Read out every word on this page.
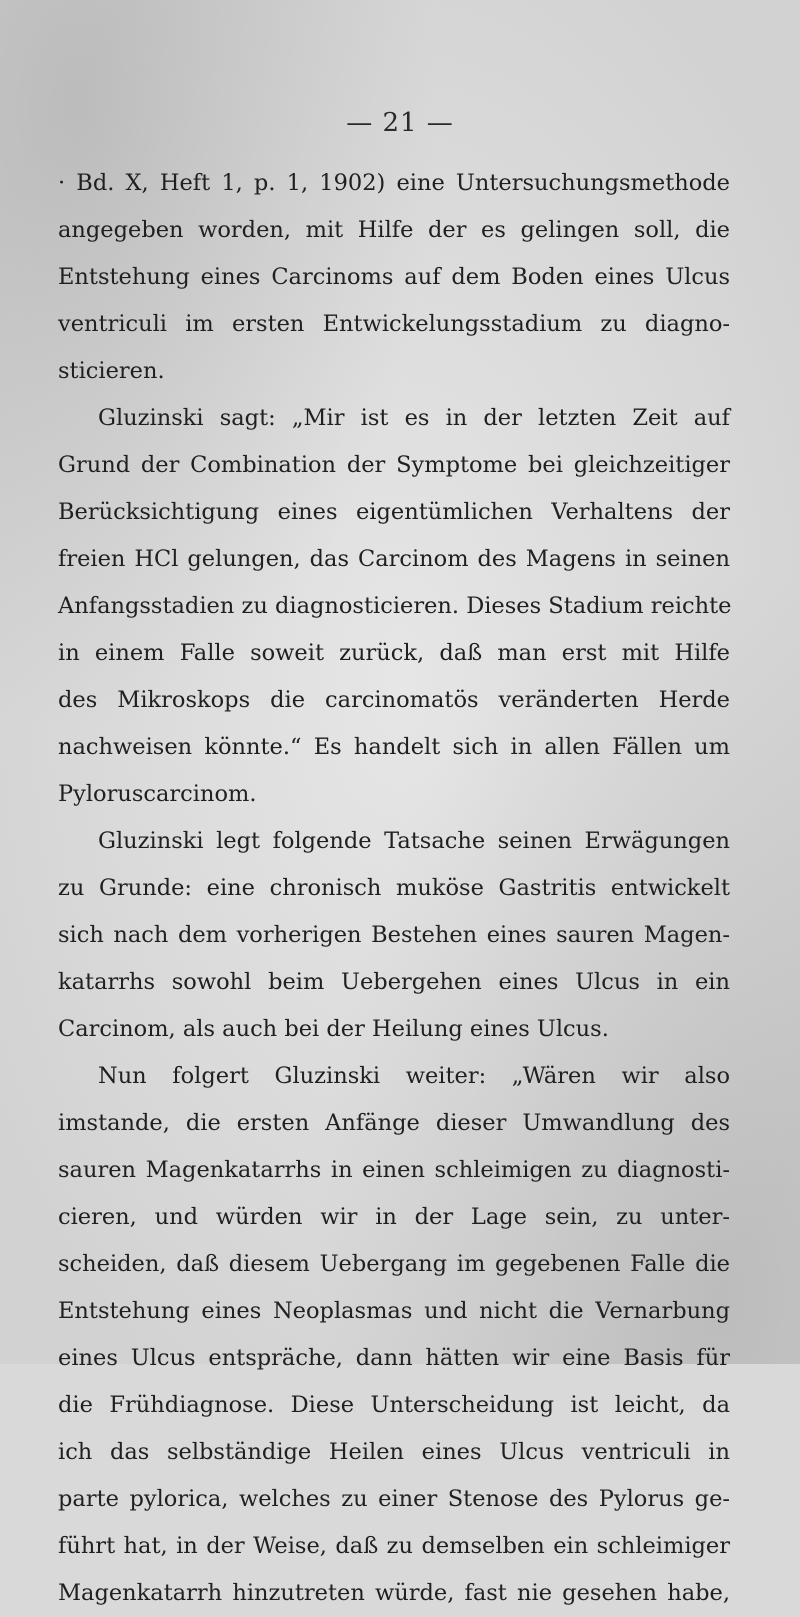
— 21 —
· Bd. X, Heft 1, p. 1, 1902) eine Untersuchungsmethode
angegeben worden, mit Hilfe der es gelingen soll, die
Entstehung eines Carcinoms auf dem Boden eines Ulcus
ventriculi im ersten Entwickelungsstadium zu diagno-
sticieren.
Gluzinski sagt: „Mir ist es in der letzten Zeit auf
Grund der Combination der Symptome bei gleichzeitiger
Berücksichtigung eines eigentümlichen Verhaltens der
freien HCl gelungen, das Carcinom des Magens in seinen
Anfangsstadien zu diagnosticieren. Dieses Stadium reichte
in einem Falle soweit zurück, daß man erst mit Hilfe
des Mikroskops die carcinomatös veränderten Herde
nachweisen könnte.“ Es handelt sich in allen Fällen um
Pyloruscarcinom.
Gluzinski legt folgende Tatsache seinen Erwägungen
zu Grunde: eine chronisch muköse Gastritis entwickelt
sich nach dem vorherigen Bestehen eines sauren Magen-
katarrhs sowohl beim Uebergehen eines Ulcus in ein
Carcinom, als auch bei der Heilung eines Ulcus.
Nun folgert Gluzinski weiter: „Wären wir also
imstande, die ersten Anfänge dieser Umwandlung des
sauren Magenkatarrhs in einen schleimigen zu diagnosti-
cieren, und würden wir in der Lage sein, zu unter-
scheiden, daß diesem Uebergang im gegebenen Falle die
Entstehung eines Neoplasmas und nicht die Vernarbung
eines Ulcus entspräche, dann hätten wir eine Basis für
die Frühdiagnose. Diese Unterscheidung ist leicht, da
ich das selbständige Heilen eines Ulcus ventriculi in
parte pylorica, welches zu einer Stenose des Pylorus ge-
führt hat, in der Weise, daß zu demselben ein schleimiger
Magenkatarrh hinzutreten würde, fast nie gesehen habe,
